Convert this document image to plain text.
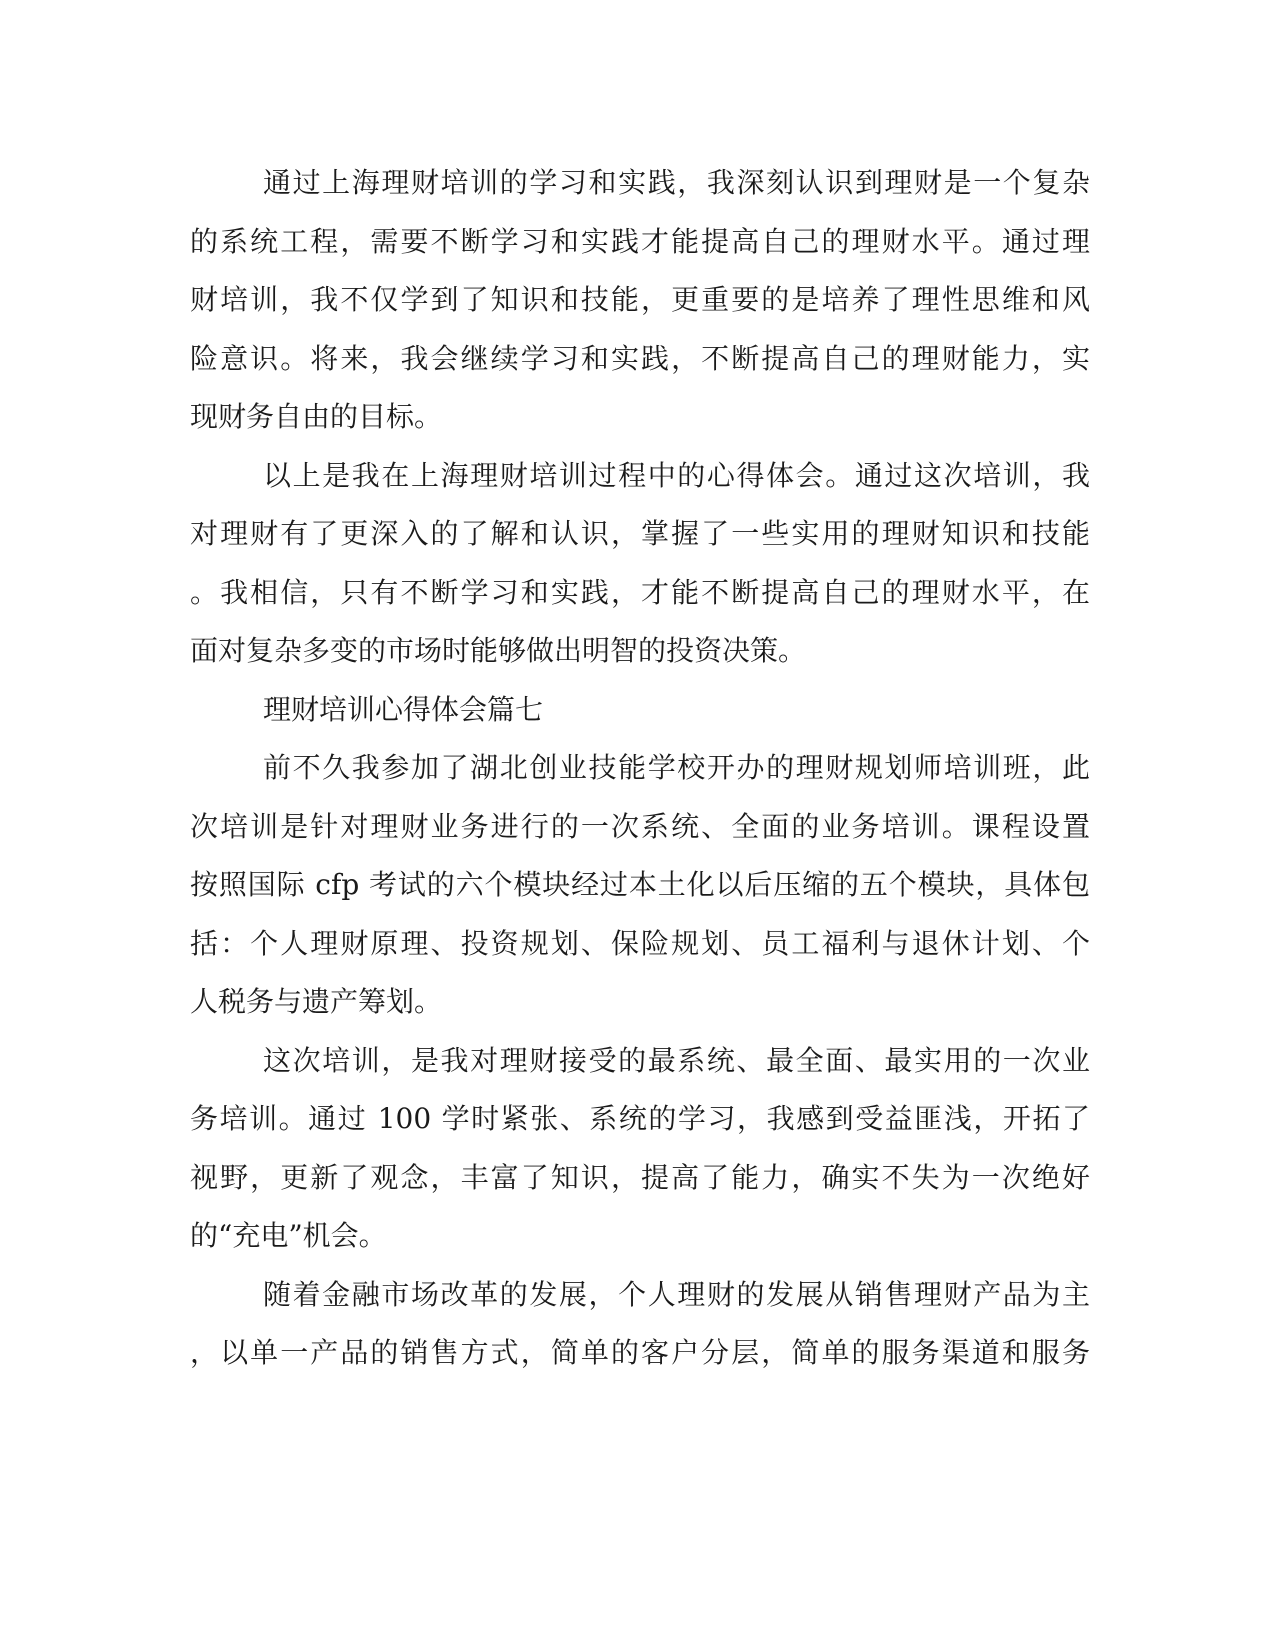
通过上海理财培训的学习和实践，我深刻认识到理财是一个复杂
的系统工程，需要不断学习和实践才能提高自己的理财水平。通过理
财培训，我不仅学到了知识和技能，更重要的是培养了理性思维和风
险意识。将来，我会继续学习和实践，不断提高自己的理财能力，实
现财务自由的目标。
以上是我在上海理财培训过程中的心得体会。通过这次培训，我
对理财有了更深入的了解和认识，掌握了一些实用的理财知识和技能
。我相信，只有不断学习和实践，才能不断提高自己的理财水平，在
面对复杂多变的市场时能够做出明智的投资决策。
理财培训心得体会篇七
前不久我参加了湖北创业技能学校开办的理财规划师培训班，此
次培训是针对理财业务进行的一次系统、全面的业务培训。课程设置
按照国际 cfp 考试的六个模块经过本土化以后压缩的五个模块，具体包
括：个人理财原理、投资规划、保险规划、员工福利与退休计划、个
人税务与遗产筹划。
这次培训，是我对理财接受的最系统、最全面、最实用的一次业
务培训。通过 100 学时紧张、系统的学习，我感到受益匪浅，开拓了
视野，更新了观念，丰富了知识，提高了能力，确实不失为一次绝好
的“充电”机会。
随着金融市场改革的发展，个人理财的发展从销售理财产品为主
，以单一产品的销售方式，简单的客户分层，简单的服务渠道和服务
